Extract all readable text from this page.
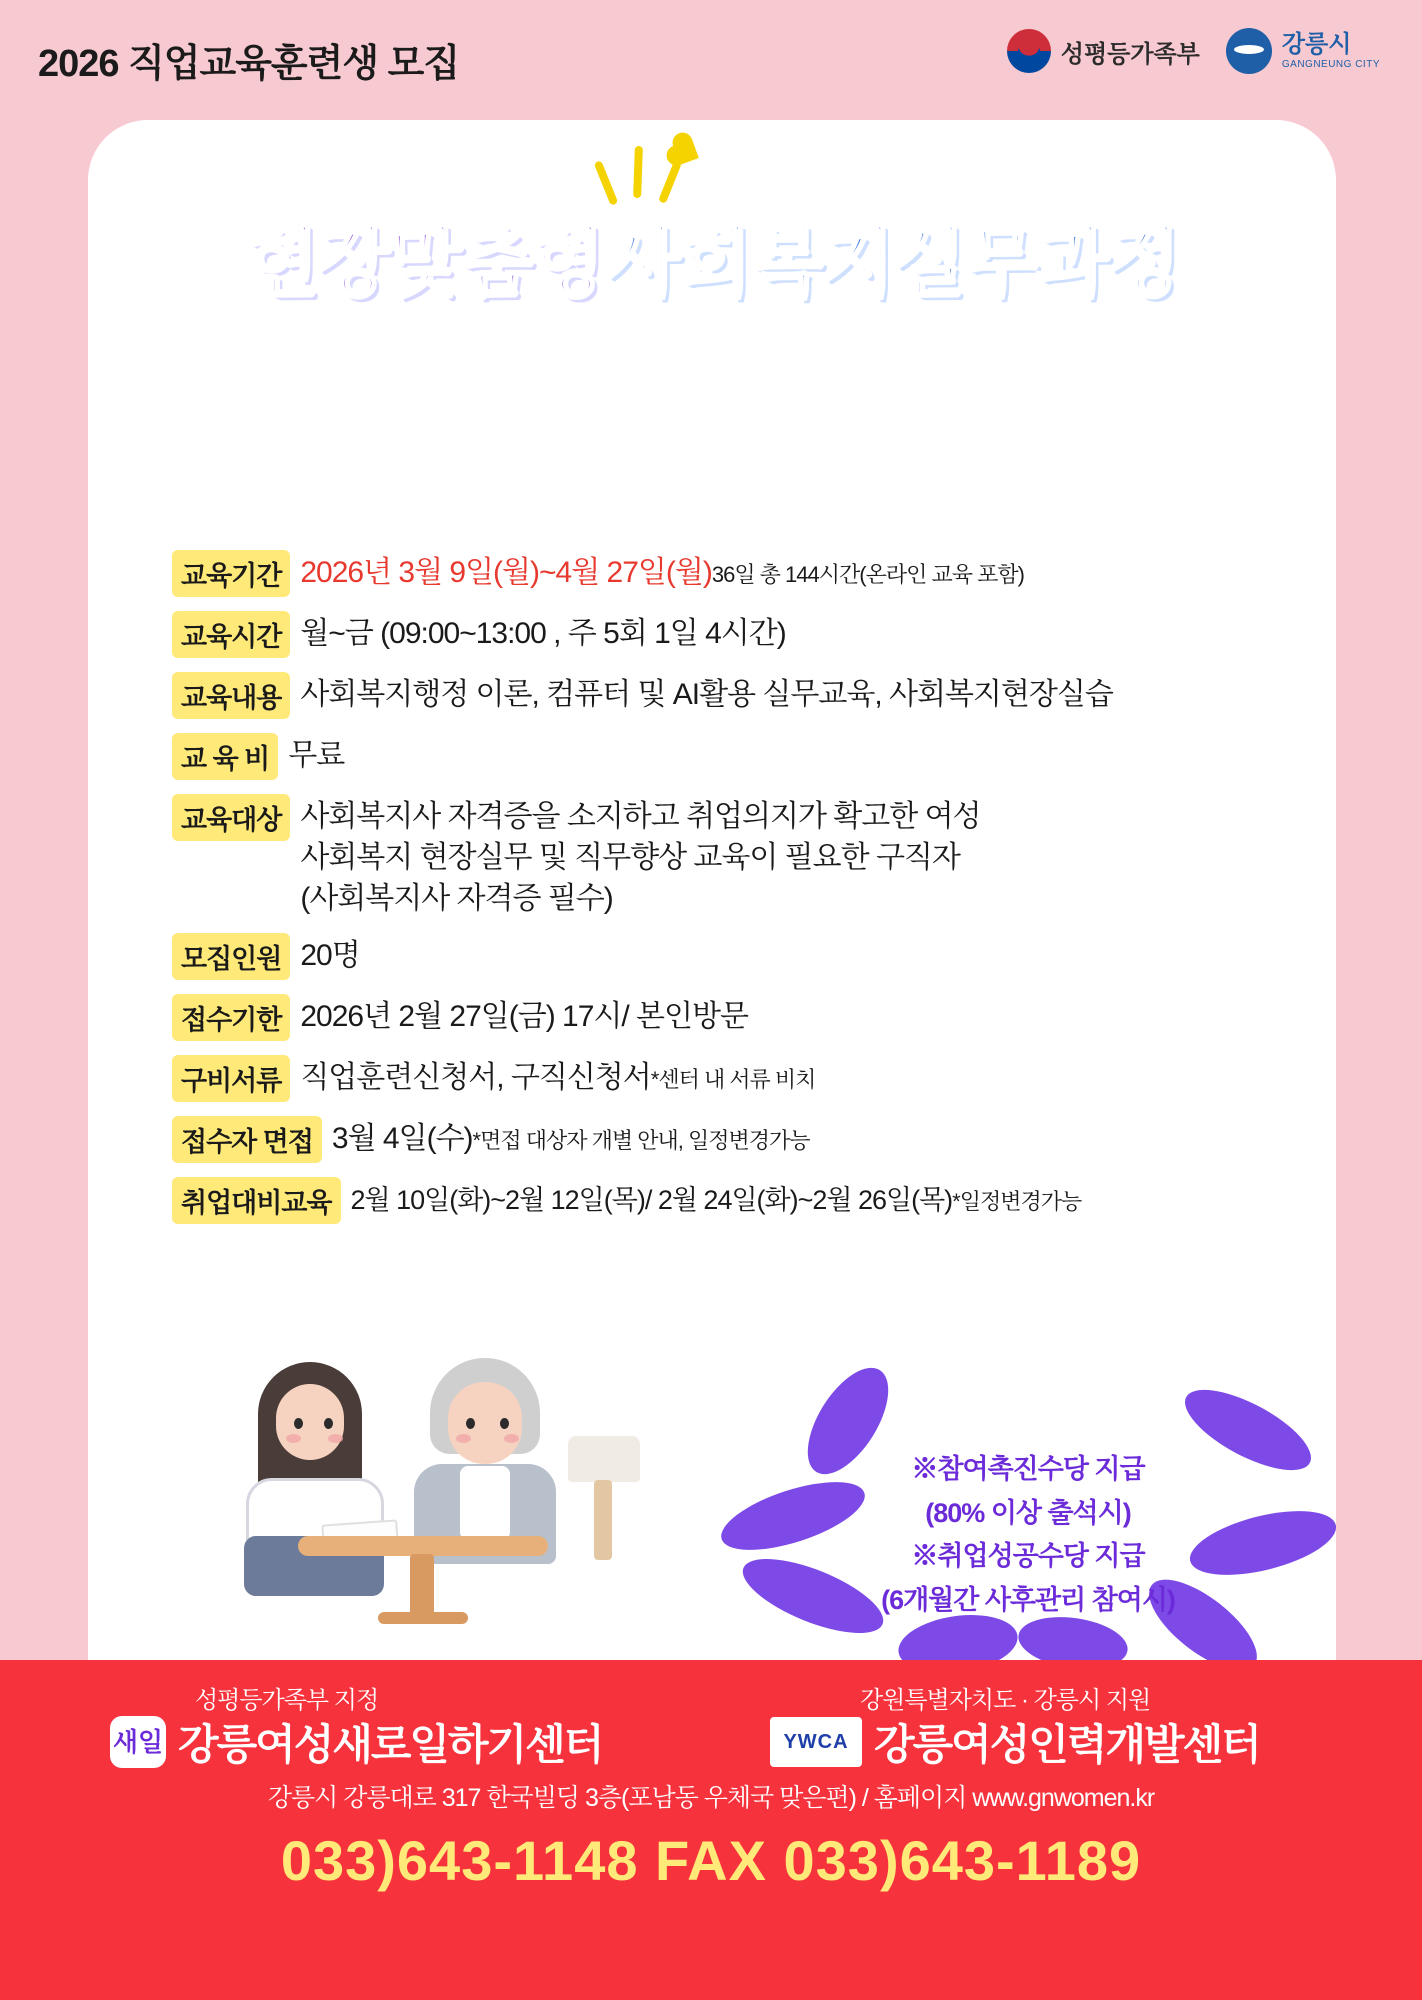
2026 직업교육훈련생 모집	성평등가족부	강릉시
GANGNEUNG CITY
현장맞춤형 사회복지실무과정
교육기간 2026년 3월 9일(월)~4월 27일(월)36일 총 144시간(온라인 교육 포함)
교육시간 월~금 (09:00~13:00 , 주 5회 1일 4시간)
교육내용 사회복지행정 이론, 컴퓨터 및 AI활용 실무교육, 사회복지현장실습
교 육 비 무료
교육대상 사회복지사 자격증을 소지하고 취업의지가 확고한 여성
사회복지 현장실무 및 직무향상 교육이 필요한 구직자
(사회복지사 자격증 필수)
모집인원 20명
접수기한 2026년 2월 27일(금) 17시/ 본인방문
구비서류 직업훈련신청서, 구직신청서*센터 내 서류 비치
접수자 면접 3월 4일(수)*면접 대상자 개별 안내, 일정변경가능
취업대비교육 2월 10일(화)~2월 12일(목)/ 2월 24일(화)~2월 26일(목)*일정변경가능
※참여촉진수당 지급
(80% 이상 출석시)
※취업성공수당 지급
(6개월간 사후관리 참여시)
성평등가족부 지정
새일 강릉여성새로일하기센터
강원특별자치도 · 강릉시 지원
YWCA 강릉여성인력개발센터
강릉시 강릉대로 317 한국빌딩 3층(포남동 우체국 맞은편) / 홈페이지 www.gnwomen.kr
033)643-1148 FAX 033)643-1189
